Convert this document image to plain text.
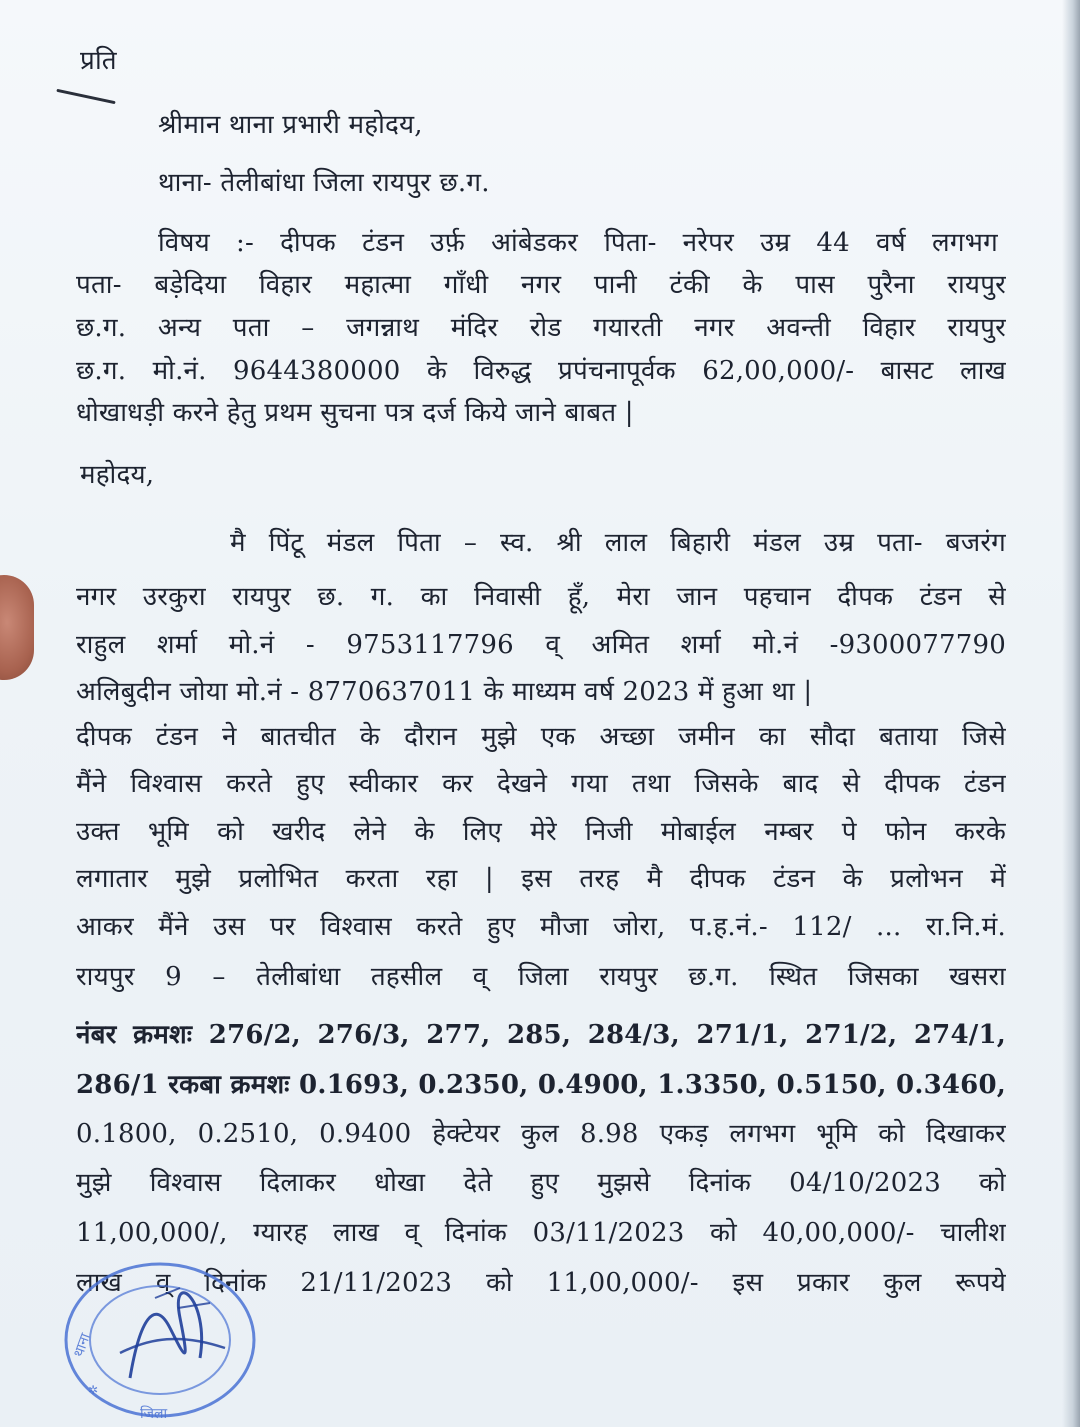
प्रति
श्रीमान थाना प्रभारी महोदय,
थाना- तेलीबांधा जिला रायपुर छ.ग.
विषय :- दीपक टंडन उर्फ़ आंबेडकर पिता- नरेपर उम्र 44 वर्ष लगभग
पता- बड़ेदिया विहार महात्मा गाँधी नगर पानी टंकी के पास पुरैना रायपुर
छ.ग. अन्य पता – जगन्नाथ मंदिर रोड गयारती नगर अवन्ती विहार रायपुर
छ.ग. मो.नं. 9644380000 के विरुद्ध प्रपंचनापूर्वक 62,00,000/- बासट लाख
धोखाधड़ी करने हेतु प्रथम सुचना पत्र दर्ज किये जाने बाबत |
महोदय,
मै पिंटू मंडल पिता – स्व. श्री लाल बिहारी मंडल उम्र पता- बजरंग
नगर उरकुरा रायपुर छ. ग. का निवासी हूँ, मेरा जान पहचान दीपक टंडन से
राहुल शर्मा मो.नं - 9753117796 व् अमित शर्मा मो.नं -9300077790
अलिबुदीन जोया मो.नं - 8770637011 के माध्यम वर्ष 2023 में हुआ था |
दीपक टंडन ने बातचीत के दौरान मुझे एक अच्छा जमीन का सौदा बताया जिसे
मैंने विश्वास करते हुए स्वीकार कर देखने गया तथा जिसके बाद से दीपक टंडन
उक्त भूमि को खरीद लेने के लिए मेरे निजी मोबाईल नम्बर पे फोन करके
लगातार मुझे प्रलोभित करता रहा | इस तरह मै दीपक टंडन के प्रलोभन में
आकर मैंने उस पर विश्वास करते हुए मौजा जोरा, प.ह.नं.- 112/ ... रा.नि.मं.
रायपुर 9 – तेलीबांधा तहसील व् जिला रायपुर छ.ग. स्थित जिसका खसरा
नंबर क्रमशः 276/2, 276/3, 277, 285, 284/3, 271/1, 271/2, 274/1,
286/1 रकबा क्रमशः 0.1693, 0.2350, 0.4900, 1.3350, 0.5150, 0.3460,
0.1800, 0.2510, 0.9400 हेक्टेयर कुल 8.98 एकड़ लगभग भूमि को दिखाकर
मुझे विश्वास दिलाकर धोखा देते हुए मुझसे दिनांक 04/10/2023 को
11,00,000/, ग्यारह लाख व् दिनांक 03/11/2023 को 40,00,000/- चालीश
लाख व् दिनांक 21/11/2023 को 11,00,000/- इस प्रकार कुल रूपये
थाना
जिला
✲
